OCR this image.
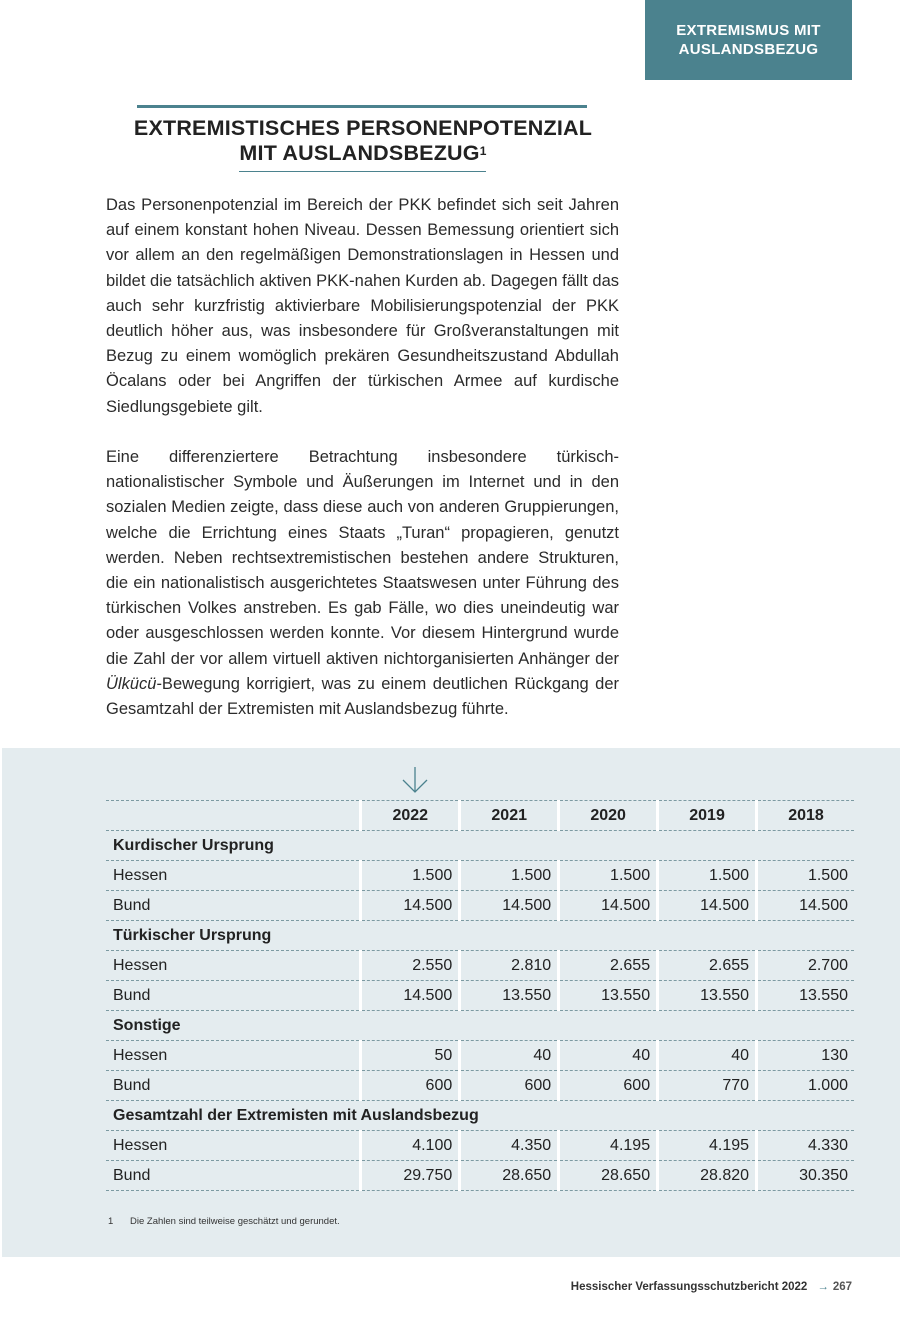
EXTREMISMUS MIT
AUSLANDSBEZUG
EXTREMISTISCHES PERSONENPOTENZIAL
MIT AUSLANDSBEZUG$^1$
Das Personenpotenzial im Bereich der PKK befindet sich seit Jahren auf einem konstant hohen Niveau. Dessen Bemessung orientiert sich vor allem an den regelmäßigen Demonstrationslagen in Hessen und bildet die tatsächlich aktiven PKK-nahen Kurden ab. Dagegen fällt das auch sehr kurzfristig aktivierbare Mobilisierungspotenzial der PKK deutlich höher aus, was insbesondere für Großveranstaltungen mit Bezug zu einem womöglich prekären Gesundheitszustand Abdullah Öcalans oder bei Angriffen der türkischen Armee auf kurdische Siedlungsgebiete gilt.
Eine differenziertere Betrachtung insbesondere türkisch-nationalistischer Symbole und Äußerungen im Internet und in den sozialen Medien zeigte, dass diese auch von anderen Gruppierungen, welche die Errichtung eines Staats „Turan“ propagieren, genutzt werden. Neben rechtsextremistischen bestehen andere Strukturen, die ein nationalistisch ausgerichtetes Staatswesen unter Führung des türkischen Volkes anstreben. Es gab Fälle, wo dies uneindeutig war oder ausgeschlossen werden konnte. Vor diesem Hintergrund wurde die Zahl der vor allem virtuell aktiven nichtorganisierten Anhänger der Ülkücü-Bewegung korrigiert, was zu einem deutlichen Rückgang der Gesamtzahl der Extremisten mit Auslandsbezug führte.
	2022	2021	2020	2019	2018
Kurdischer Ursprung					
Hessen	1.500	1.500	1.500	1.500	1.500
Bund	14.500	14.500	14.500	14.500	14.500
Türkischer Ursprung					
Hessen	2.550	2.810	2.655	2.655	2.700
Bund	14.500	13.550	13.550	13.550	13.550
Sonstige					
Hessen	50	40	40	40	130
Bund	600	600	600	770	1.000
Gesamtzahl der Extremisten mit Auslandsbezug					
Hessen	4.100	4.350	4.195	4.195	4.330
Bund	29.750	28.650	28.650	28.820	30.350
1 Die Zahlen sind teilweise geschätzt und gerundet.
Hessischer Verfassungsschutzbericht 2022 → 267
